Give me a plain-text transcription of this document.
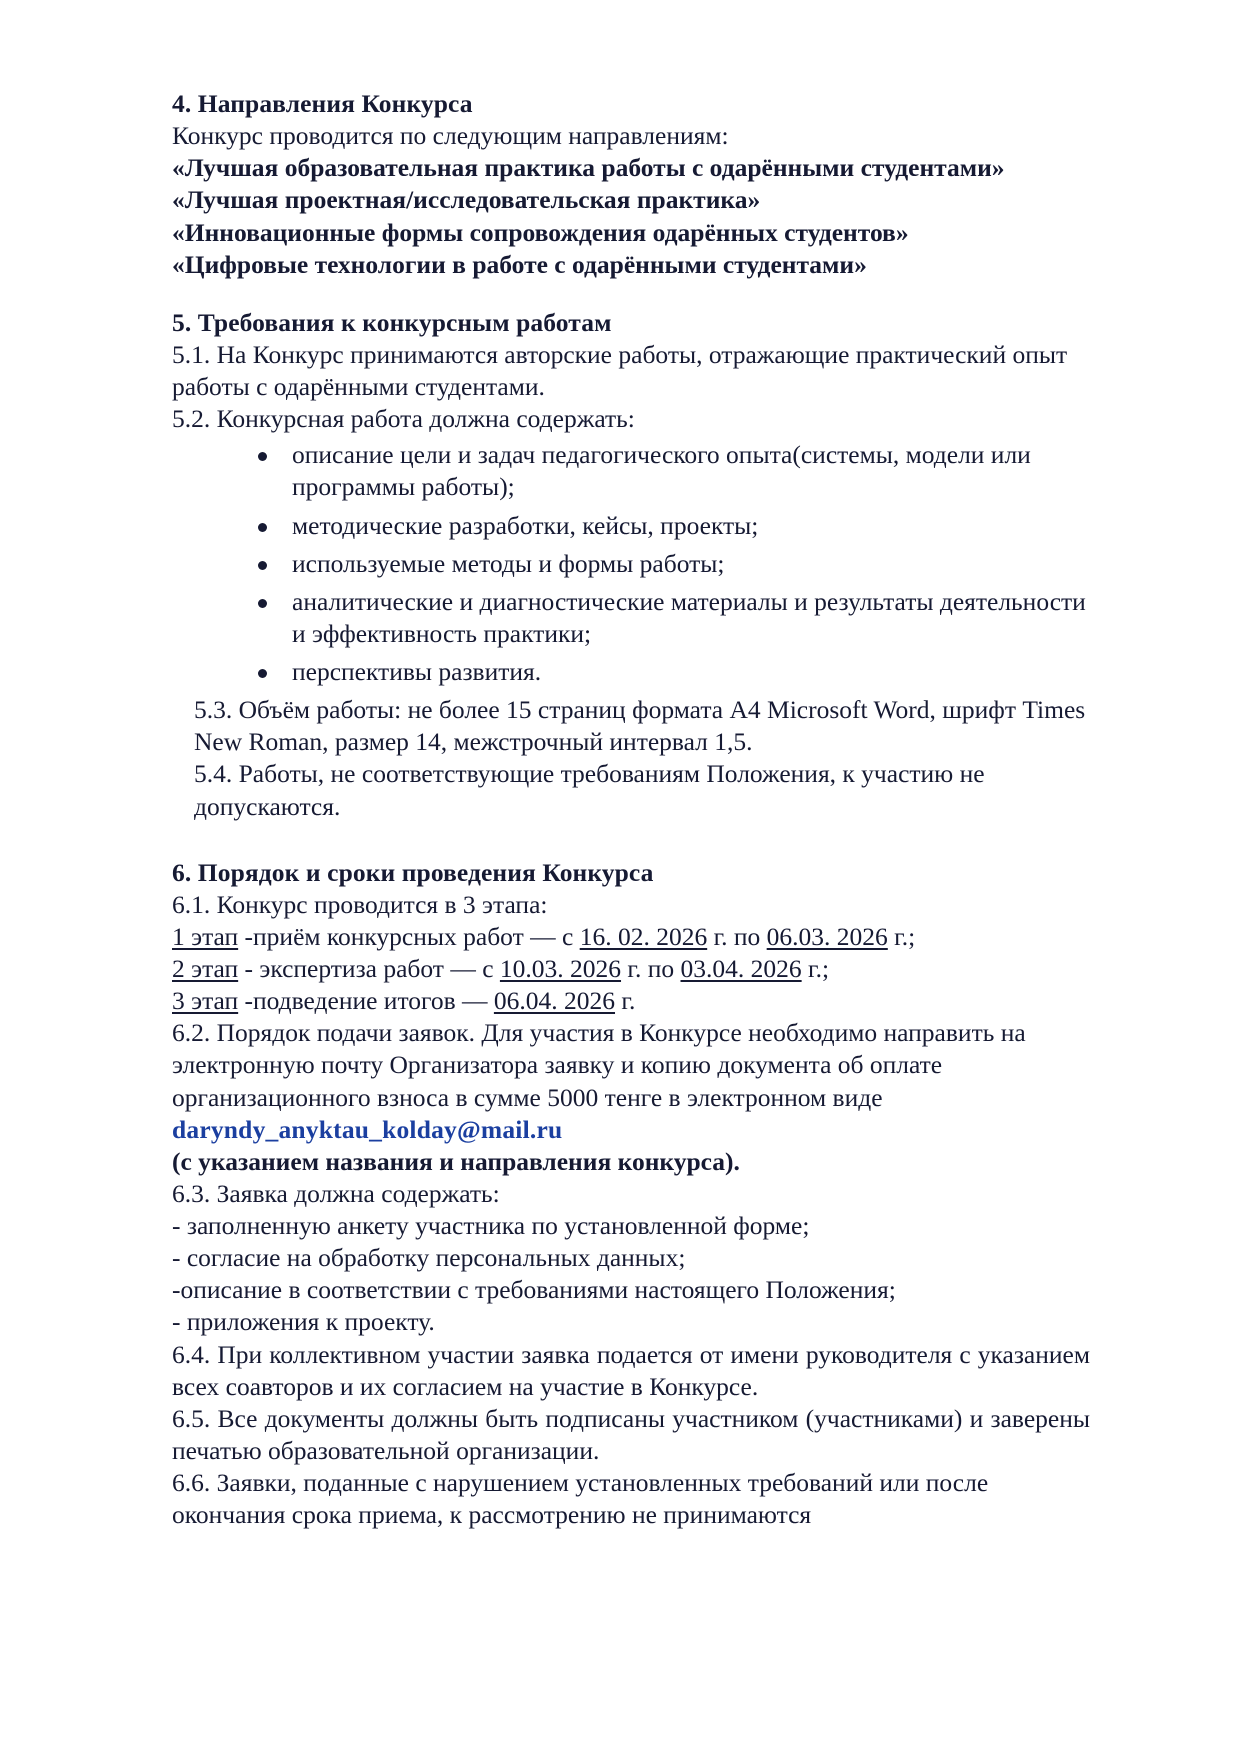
4. Направления Конкурса

Конкурс проводится по следующим направлениям:

«Лучшая образовательная практика работы с одарёнными студентами»

«Лучшая проектная/исследовательская практика»

«Инновационные формы сопровождения одарённых студентов»

«Цифровые технологии в работе с одарёнными студентами»

5. Требования к конкурсным работам

5.1. На Конкурс принимаются авторские работы, отражающие практический опыт работы с одарёнными студентами.

5.2. Конкурсная работа должна содержать:

описание цели и задач педагогического опыта(системы, модели или программы работы);
методические разработки, кейсы, проекты;
используемые методы и формы работы;
аналитические и диагностические материалы и результаты деятельности и эффективность практики;
перспективы развития.

5.3. Объём работы: не более 15 страниц формата А4 Microsoft Word, шрифт Times New Roman, размер 14, межстрочный интервал 1,5.

5.4. Работы, не соответствующие требованиям Положения, к участию не допускаются.

6. Порядок и сроки проведения Конкурса

6.1. Конкурс проводится в 3 этапа:

1 этап -приём конкурсных работ — с 16. 02. 2026 г. по 06.03. 2026 г.;

2 этап - экспертиза работ — с 10.03. 2026 г. по 03.04. 2026 г.;

3 этап -подведение итогов — 06.04. 2026 г.

6.2. Порядок подачи заявок. Для участия в Конкурсе необходимо направить на электронную почту Организатора заявку и копию документа об оплате организационного взноса в сумме 5000 тенге в электронном виде

daryndy_anyktau_kolday@mail.ru

(с указанием названия и направления конкурса).

6.3. Заявка должна содержать:

- заполненную анкету участника по установленной форме;

- согласие на обработку персональных данных;

-описание в соответствии с требованиями настоящего Положения;

- приложения к проекту.

6.4. При коллективном участии заявка подается от имени руководителя с указанием всех соавторов и их согласием на участие в Конкурсе.

6.5. Все документы должны быть подписаны участником (участниками) и заверены печатью образовательной организации.

6.6. Заявки, поданные с нарушением установленных требований или после окончания срока приема, к рассмотрению не принимаются
